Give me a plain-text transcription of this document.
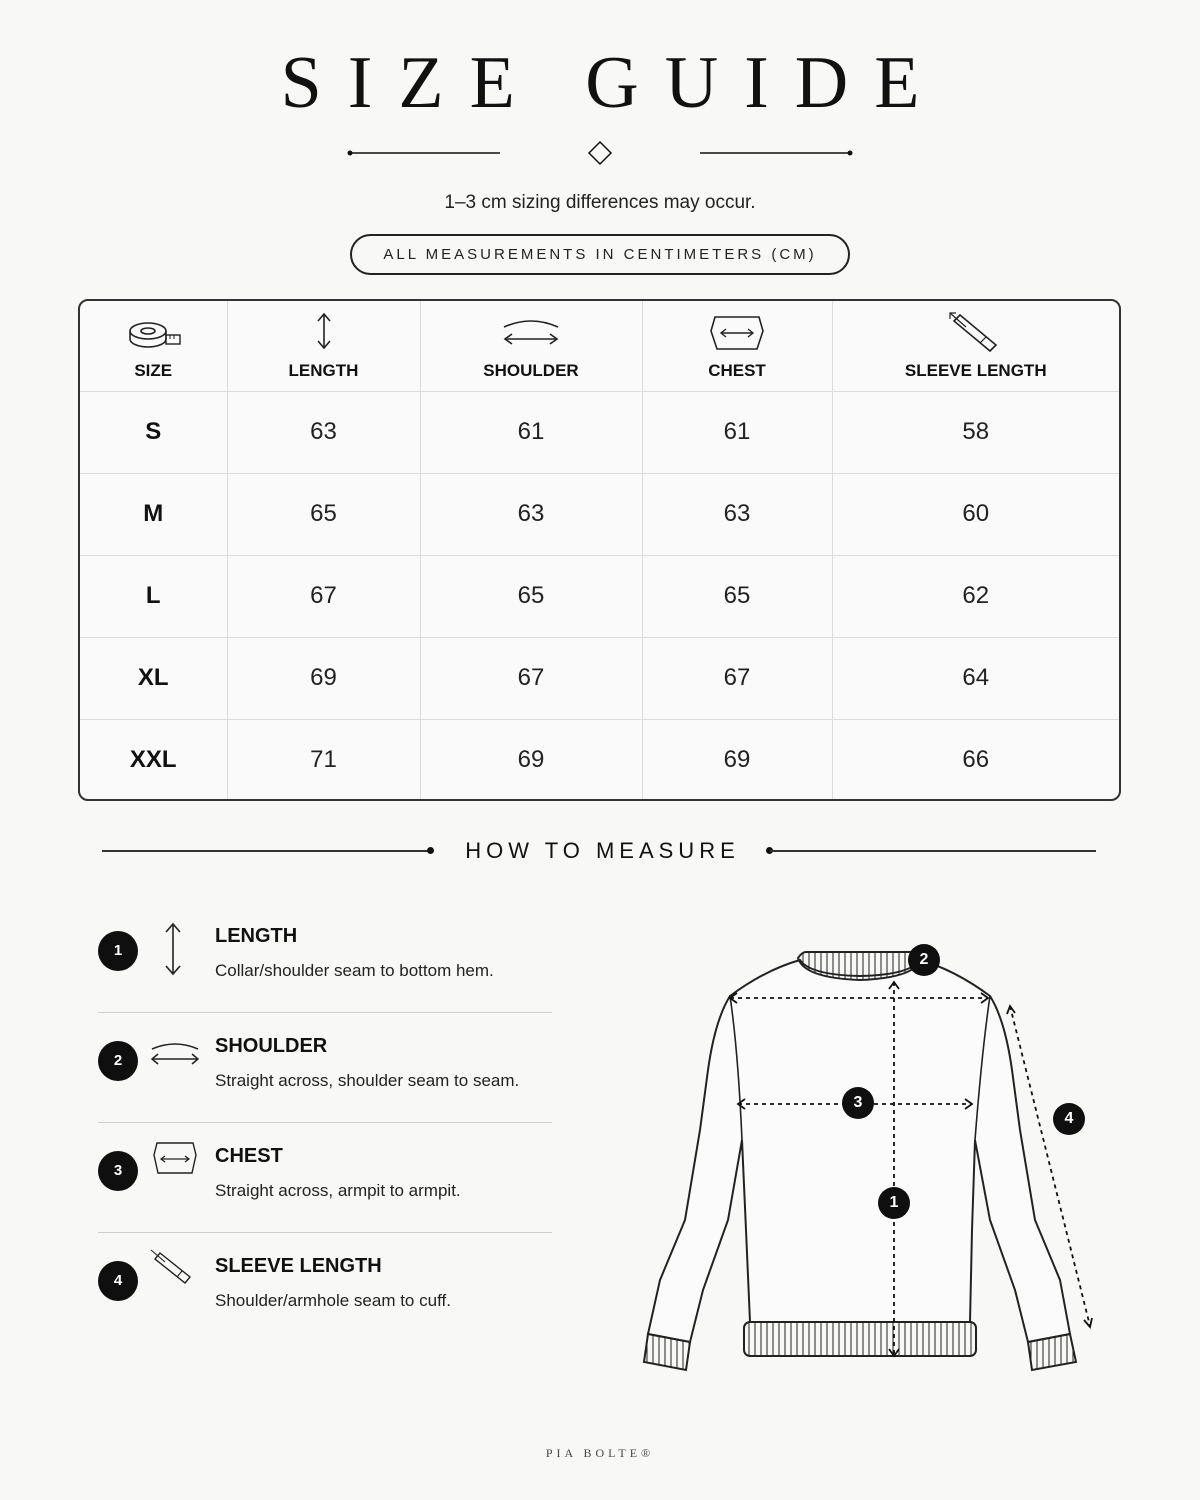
SIZE GUIDE
1–3 cm sizing differences may occur.
ALL MEASUREMENTS IN CENTIMETERS (CM)
SIZE	LENGTH	SHOULDER	CHEST	SLEEVE LENGTH

S	63	61	61	58
M	65	63	63	60
L	67	65	65	62
XL	69	67	67	64
XXL	71	69	69	66
HOW TO MEASURE
1
LENGTH
Collar/shoulder seam to bottom hem.
2
SHOULDER
Straight across, shoulder seam to seam.
3
CHEST
Straight across, armpit to armpit.
4
SLEEVE LENGTH
Shoulder/armhole seam to cuff.
1
2
3
4
PIA BOLTE®
